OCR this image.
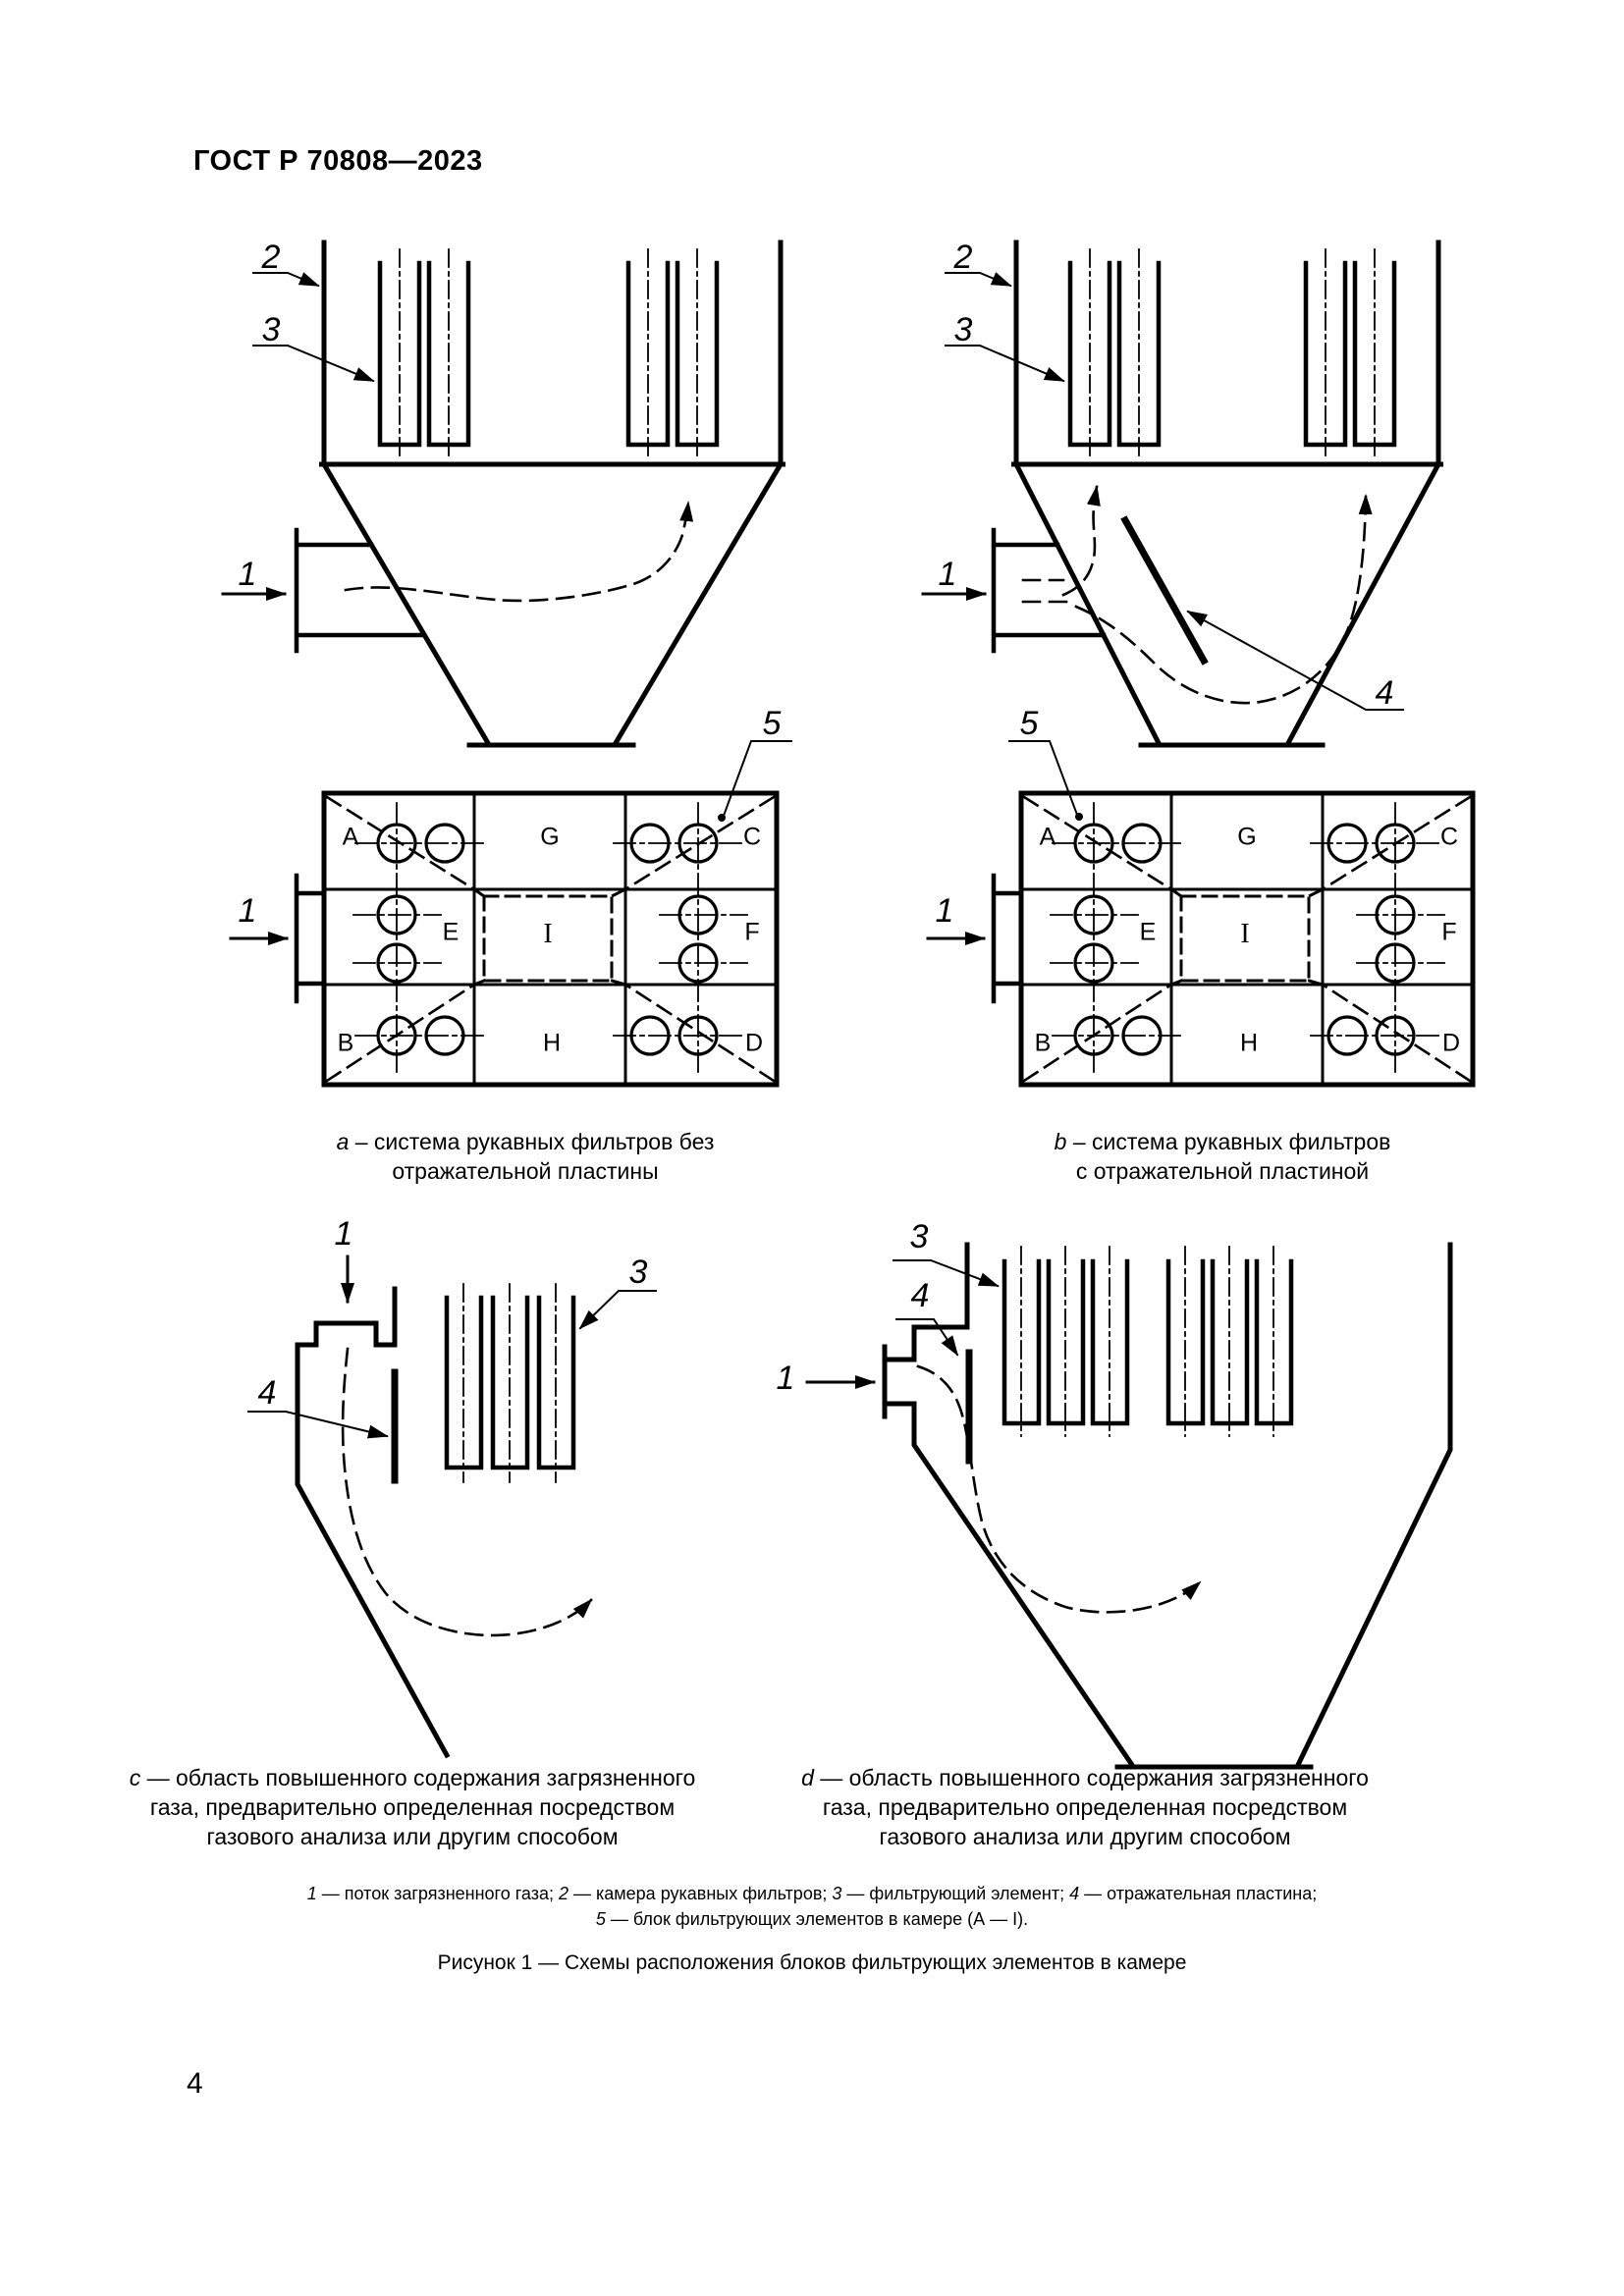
ГОСТ Р 70808—2023
2
3
1
2
3
1
4
5	5
1	1
1
4
3
3
4
1
A	G	C
E	I	F
B	H	D
A	G	C
E	I	F
B	H	D
a – система рукавных фильтров без
отражательной пластины
b – система рукавных фильтров
с отражательной пластиной
c — область повышенного содержания загрязненного
газа, предварительно определенная посредством
газового анализа или другим способом
d — область повышенного содержания загрязненного
газа, предварительно определенная посредством
газового анализа или другим способом
1 — поток загрязненного газа; 2 — камера рукавных фильтров; 3 — фильтрующий элемент; 4 — отражательная пластина;
5 — блок фильтрующих элементов в камере (А — I).
Рисунок 1 — Схемы расположения блоков фильтрующих элементов в камере
4
